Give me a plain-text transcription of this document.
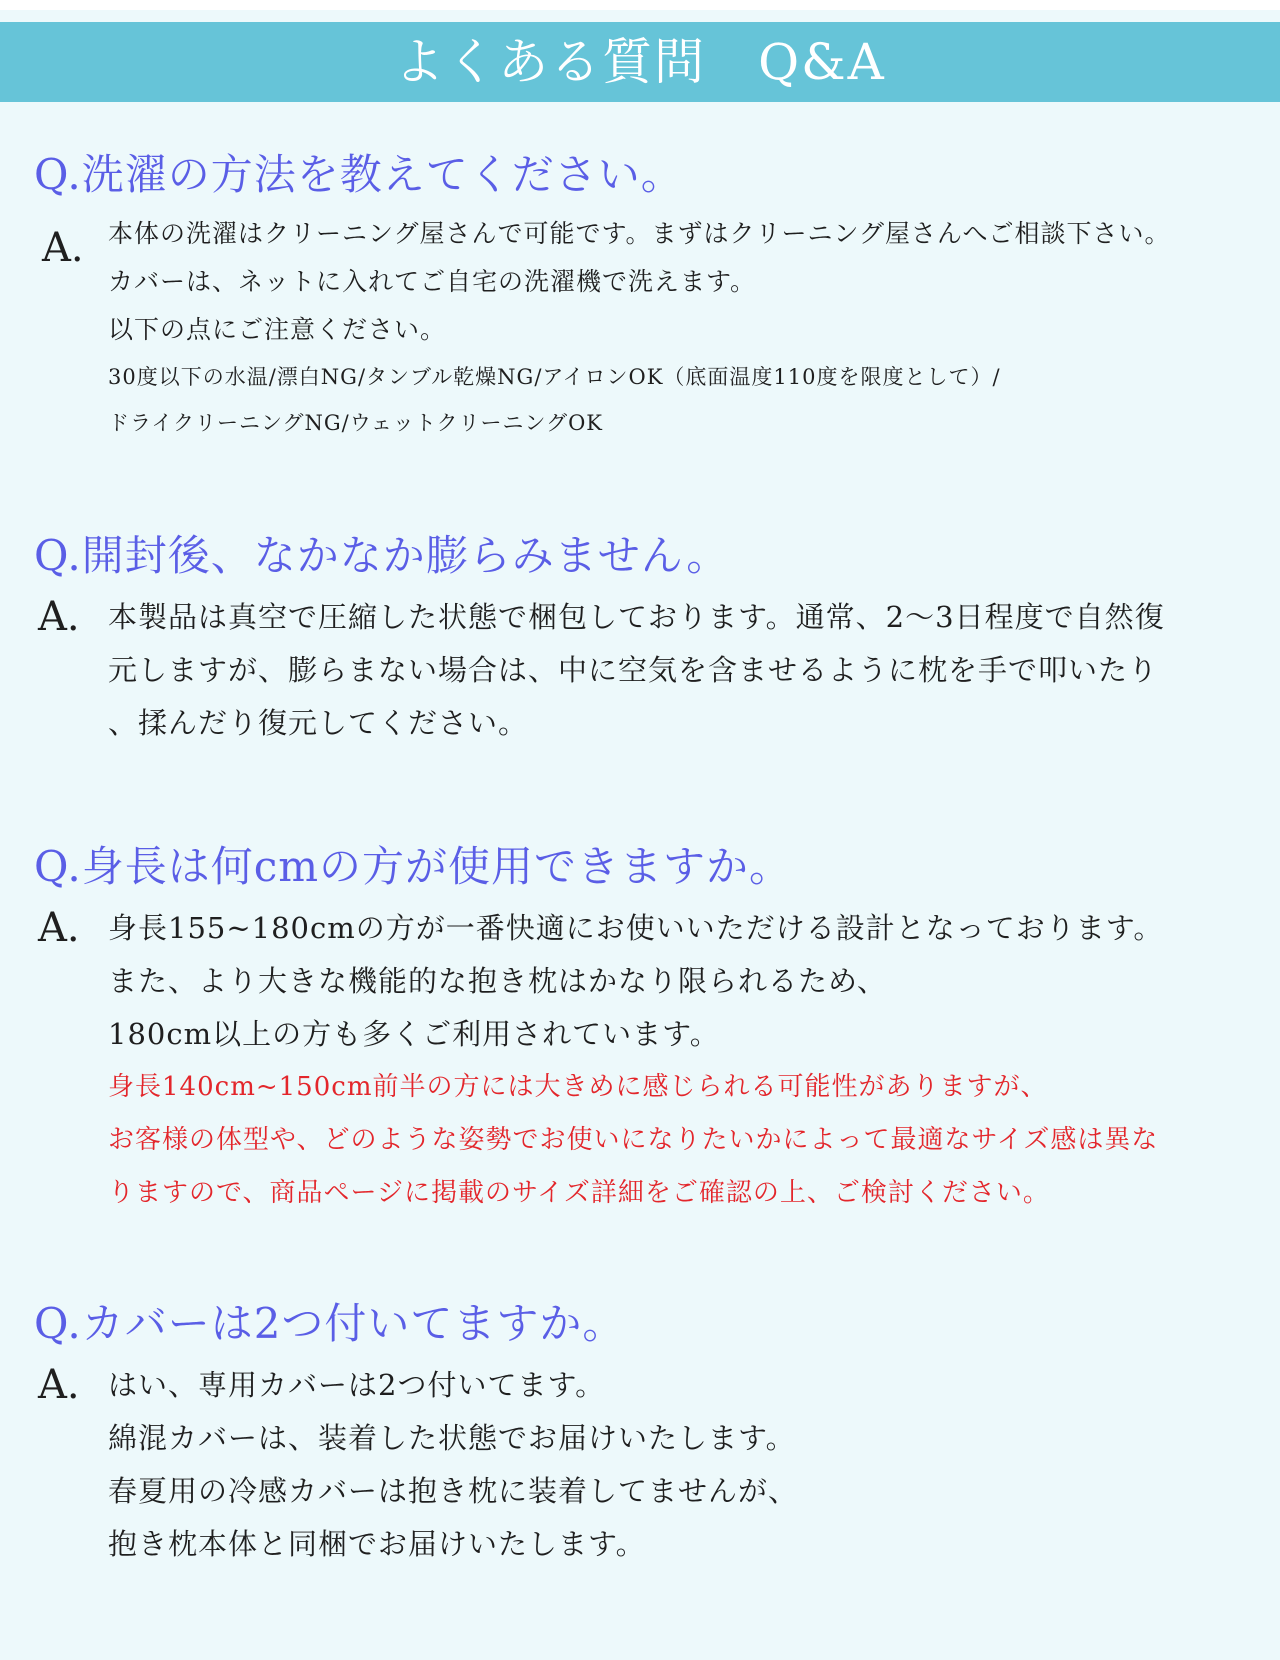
よくある質問　Q&A
Q.洗濯の方法を教えてください。
A. 本体の洗濯はクリーニング屋さんで可能です。まずはクリーニング屋さんへご相談下さい。
カバーは、ネットに入れてご自宅の洗濯機で洗えます。
以下の点にご注意ください。
30度以下の水温/漂白NG/タンブル乾燥NG/アイロンOK（底面温度110度を限度として）/
ドライクリーニングNG/ウェットクリーニングOK
Q.開封後、なかなか膨らみません。
A. 本製品は真空で圧縮した状態で梱包しております。通常、2〜3日程度で自然復
元しますが、膨らまない場合は、中に空気を含ませるように枕を手で叩いたり
、揉んだり復元してください。
Q.身長は何cmの方が使用できますか。
A. 身長155~180cmの方が一番快適にお使いいただける設計となっております。
また、より大きな機能的な抱き枕はかなり限られるため、
180cm以上の方も多くご利用されています。
身長140cm~150cm前半の方には大きめに感じられる可能性がありますが、
お客様の体型や、どのような姿勢でお使いになりたいかによって最適なサイズ感は異な
りますので、商品ページに掲載のサイズ詳細をご確認の上、ご検討ください。
Q.カバーは2つ付いてますか。
A. はい、専用カバーは2つ付いてます。
綿混カバーは、装着した状態でお届けいたします。
春夏用の冷感カバーは抱き枕に装着してませんが、
抱き枕本体と同梱でお届けいたします。
